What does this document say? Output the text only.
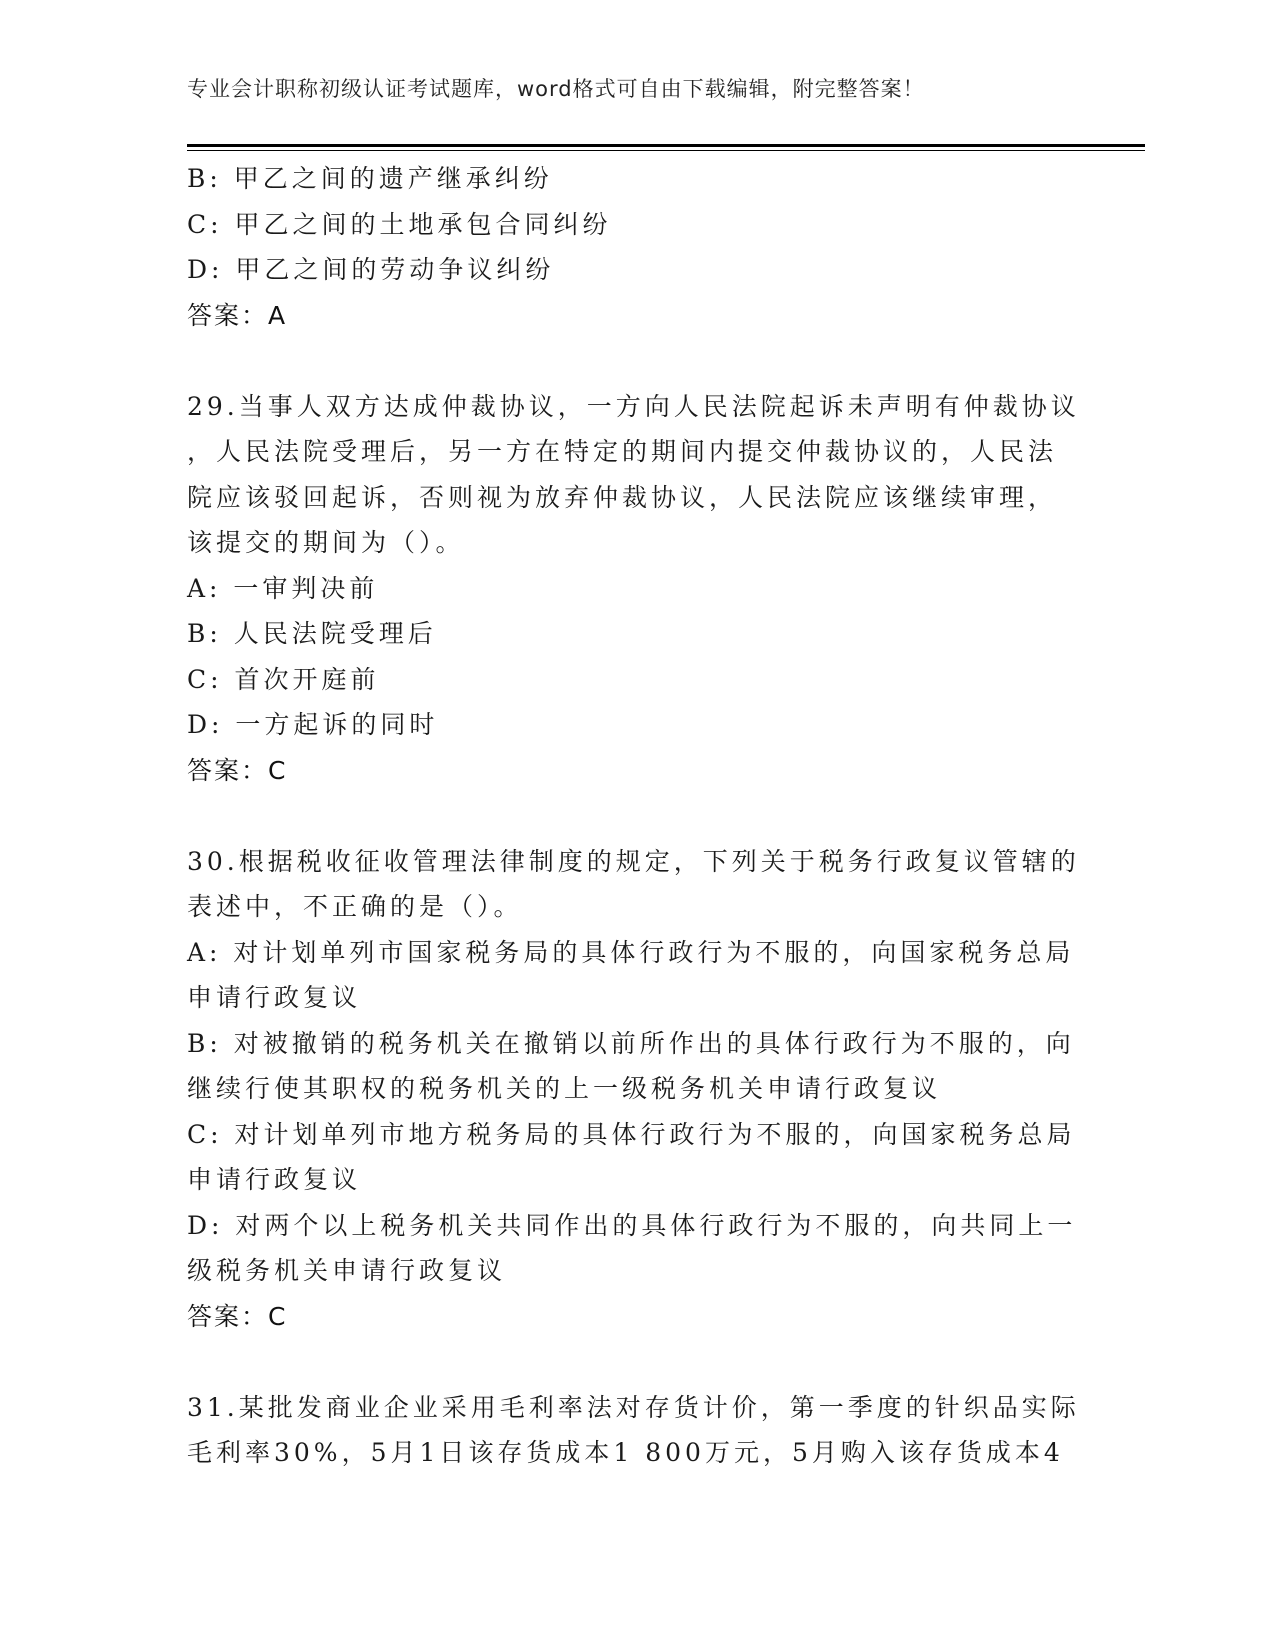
专业会计职称初级认证考试题库，word格式可自由下载编辑，附完整答案！
B: 甲乙之间的遗产继承纠纷
C: 甲乙之间的土地承包合同纠纷
D: 甲乙之间的劳动争议纠纷
答案：A
29.当事人双方达成仲裁协议，一方向人民法院起诉未声明有仲裁协议
，人民法院受理后，另一方在特定的期间内提交仲裁协议的，人民法
院应该驳回起诉，否则视为放弃仲裁协议，人民法院应该继续审理，
该提交的期间为（）。
A: 一审判决前
B: 人民法院受理后
C: 首次开庭前
D: 一方起诉的同时
答案：C
30.根据税收征收管理法律制度的规定，下列关于税务行政复议管辖的
表述中，不正确的是（）。
A: 对计划单列市国家税务局的具体行政行为不服的，向国家税务总局
申请行政复议
B: 对被撤销的税务机关在撤销以前所作出的具体行政行为不服的，向
继续行使其职权的税务机关的上一级税务机关申请行政复议
C: 对计划单列市地方税务局的具体行政行为不服的，向国家税务总局
申请行政复议
D: 对两个以上税务机关共同作出的具体行政行为不服的，向共同上一
级税务机关申请行政复议
答案：C
31.某批发商业企业采用毛利率法对存货计价，第一季度的针织品实际
毛利率30%，5月1日该存货成本1 800万元，5月购入该存货成本4
